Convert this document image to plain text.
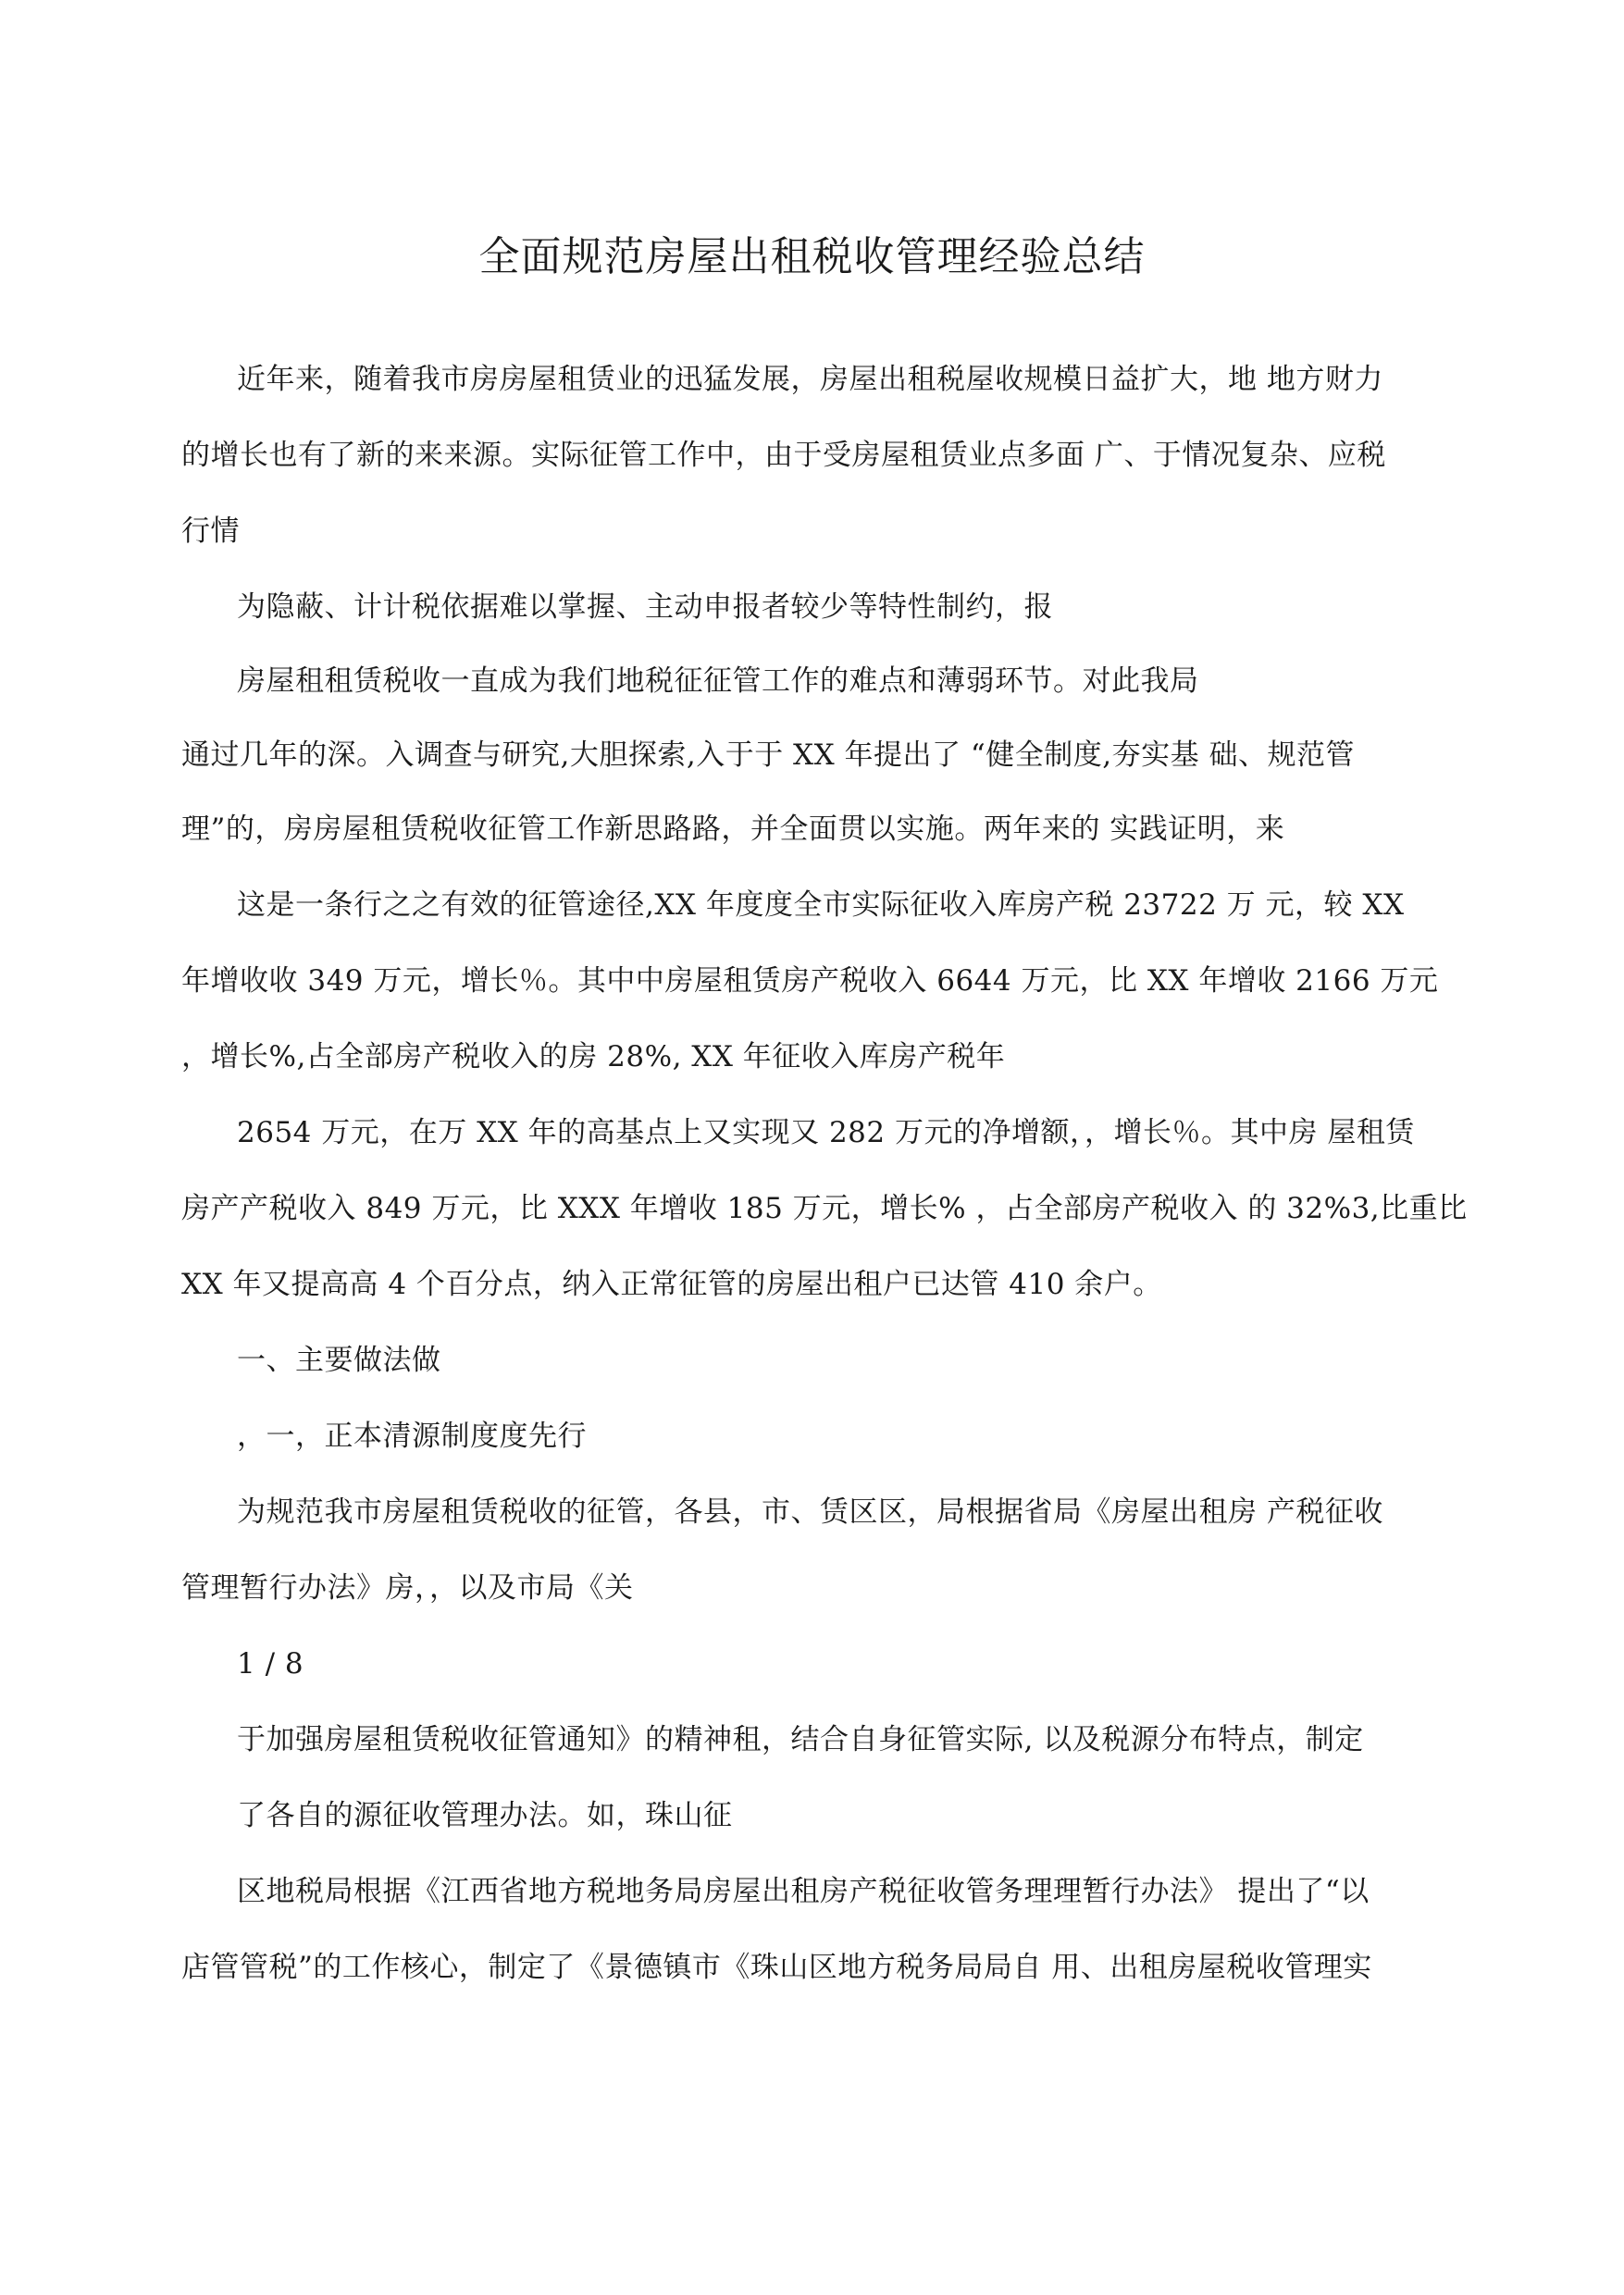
全面规范房屋出租税收管理经验总结

近年来，随着我市房房屋租赁业的迅猛发展，房屋出租税屋收规模日益扩大，地 地方财力

的增长也有了新的来来源。实际征管工作中，由于受房屋租赁业点多面 广、于情况复杂、应税

行情

为隐蔽、计计税依据难以掌握、主动申报者较少等特性制约，报

房屋租租赁税收一直成为我们地税征征管工作的难点和薄弱环节。对此我局

通过几年的深。入调查与研究,大胆探索,入于于 XX 年提出了 “健全制度,夯实基 础、规范管

理”的，房房屋租赁税收征管工作新思路路，并全面贯以实施。两年来的 实践证明，来

这是一条行之之有效的征管途径,XX 年度度全市实际征收入库房产税 23722 万 元，较 XX

年增收收 349 万元，增长％。其中中房屋租赁房产税收入 6644 万元，比 XX 年增收 2166 万元

，增长%,占全部房产税收入的房 28%, XX 年征收入库房产税年

2654 万元，在万 XX 年的高基点上又实现又 282 万元的净增额，，增长％。其中房 屋租赁

房产产税收入 849 万元，比 XXX 年增收 185 万元，增长% ，占全部房产税收入 的 32%3,比重比

XX 年又提高高 4 个百分点，纳入正常征管的房屋出租户已达管 410 余户。

一、主要做法做

，一，正本清源制度度先行

为规范我市房屋租赁税收的征管，各县，市、赁区区，局根据省局《房屋出租房 产税征收

管理暂行办法》房，，以及市局《关

1 / 8

于加强房屋租赁税收征管通知》的精神租，结合自身征管实际, 以及税源分布特点，制定

了各自的源征收管理办法。如，珠山征

区地税局根据《江西省地方税地务局房屋出租房产税征收管务理理暂行办法》 提出了“以

店管管税”的工作核心，制定了《景德镇市《珠山区地方税务局局自 用、出租房屋税收管理实
